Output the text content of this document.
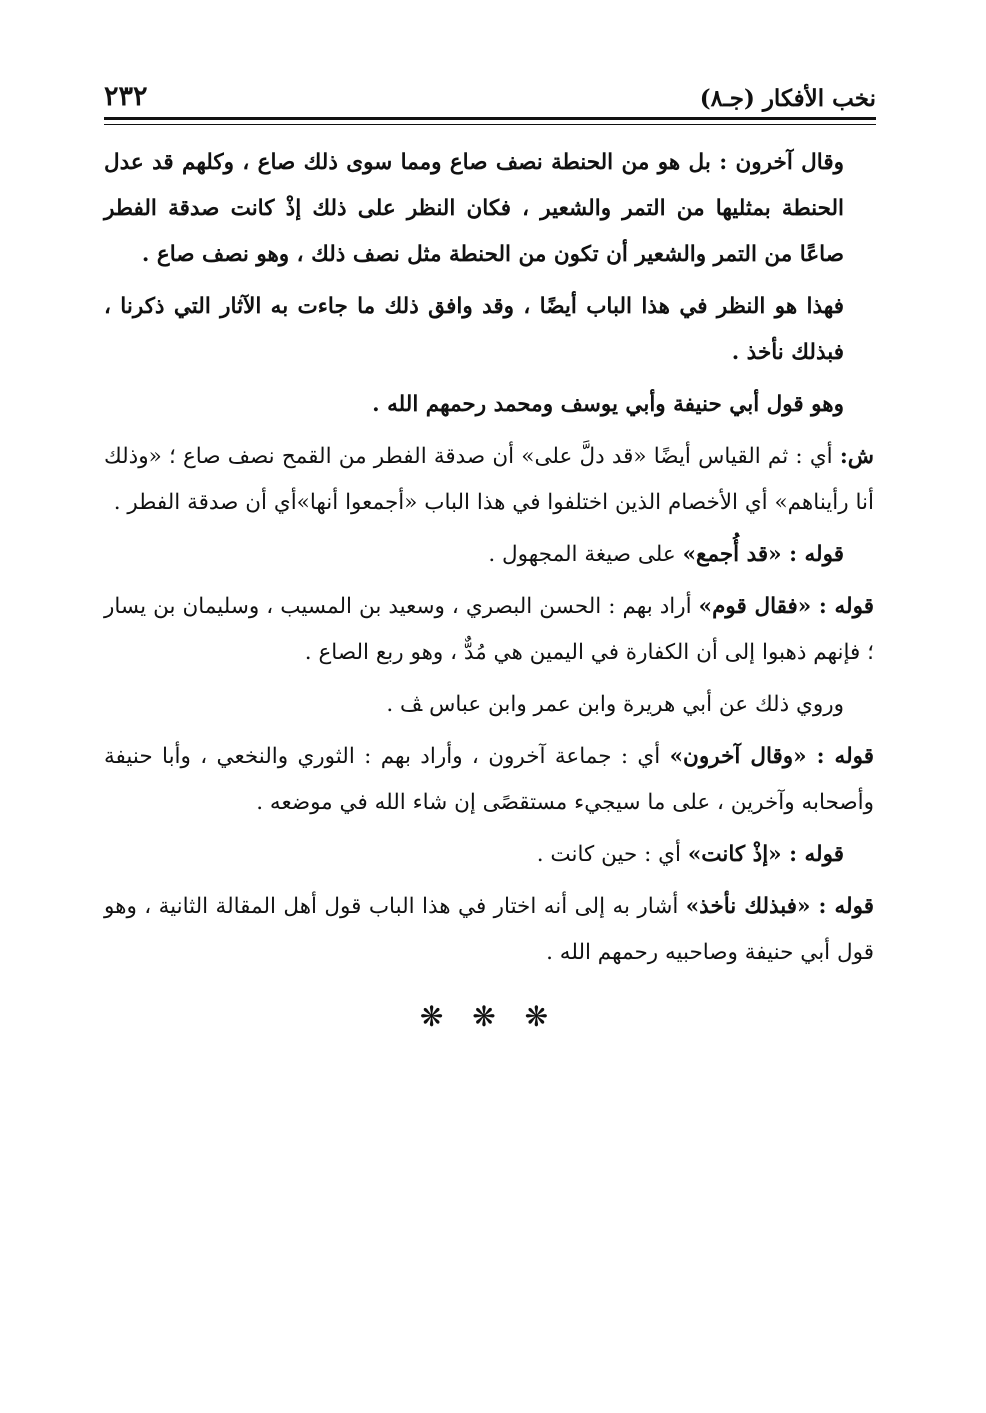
نخب الأفكار (جـ٨)
٢٣٢

وقال آخرون : بل هو من الحنطة نصف صاع ومما سوى ذلك صاع ، وكلهم قد عدل الحنطة بمثليها من التمر والشعير ، فكان النظر على ذلك إذْ كانت صدقة الفطر صاعًا من التمر والشعير أن تكون من الحنطة مثل نصف ذلك ، وهو نصف صاع .

فهذا هو النظر في هذا الباب أيضًا ، وقد وافق ذلك ما جاءت به الآثار التي ذكرنا ، فبذلك نأخذ .

وهو قول أبي حنيفة وأبي يوسف ومحمد رحمهم الله .

ش: أي : ثم القياس أيضًا «قد دلَّ على» أن صدقة الفطر من القمح نصف صاع ؛ «وذلك أنا رأيناهم» أي الأخصام الذين اختلفوا في هذا الباب «أجمعوا أنها»أي أن صدقة الفطر .

قوله : «قد أُجمع» على صيغة المجهول .

قوله : «فقال قوم» أراد بهم : الحسن البصري ، وسعيد بن المسيب ، وسليمان بن يسار ؛ فإنهم ذهبوا إلى أن الكفارة في اليمين هي مُدٌّ ، وهو ربع الصاع .

وروي ذلك عن أبي هريرة وابن عمر وابن عباس ﭫ .

قوله : «وقال آخرون» أي : جماعة آخرون ، وأراد بهم : الثوري والنخعي ، وأبا حنيفة وأصحابه وآخرين ، على ما سيجيء مستقصًى إن شاء الله في موضعه .

قوله : «إذْ كانت» أي : حين كانت .

قوله : «فبذلك نأخذ» أشار به إلى أنه اختار في هذا الباب قول أهل المقالة الثانية ، وهو قول أبي حنيفة وصاحبيه رحمهم الله .

❋ ❋ ❋
